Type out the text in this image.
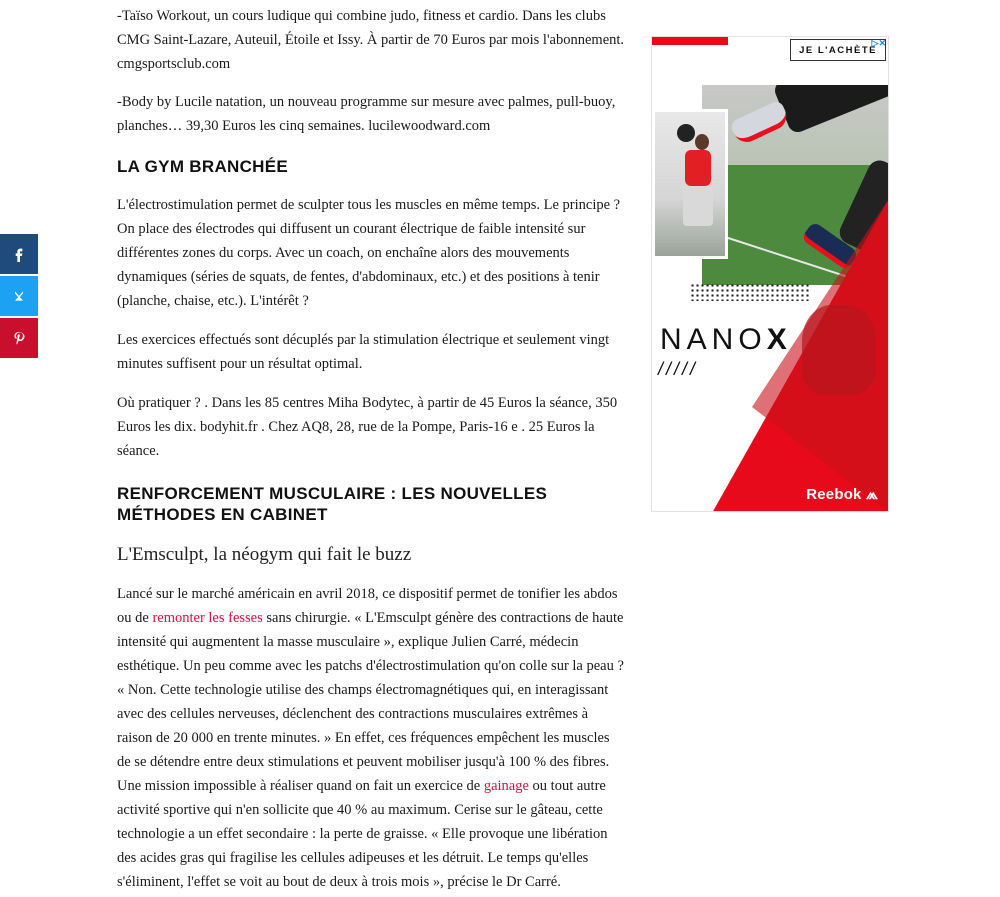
-Taïso Workout, un cours ludique qui combine judo, fitness et cardio. Dans les clubs CMG Saint-Lazare, Auteuil, Étoile et Issy. À partir de 70 Euros par mois l'abonnement. cmgsportsclub.com

-Body by Lucile natation, un nouveau programme sur mesure avec palmes, pull-buoy, planches… 39,30 Euros les cinq semaines. lucilewoodward.com

LA GYM BRANCHÉE

L'électrostimulation permet de sculpter tous les muscles en même temps. Le principe ? On place des électrodes qui diffusent un courant électrique de faible intensité sur différentes zones du corps. Avec un coach, on enchaîne alors des mouvements dynamiques (séries de squats, de fentes, d'abdominaux, etc.) et des positions à tenir (planche, chaise, etc.). L'intérêt ?

Les exercices effectués sont décuplés par la stimulation électrique et seulement vingt minutes suffisent pour un résultat optimal.

Où pratiquer ? . Dans les 85 centres Miha Bodytec, à partir de 45 Euros la séance, 350 Euros les dix. bodyhit.fr . Chez AQ8, 28, rue de la Pompe, Paris-16 e . 25 Euros la séance.

RENFORCEMENT MUSCULAIRE : LES NOUVELLES MÉTHODES EN CABINET
L'Emsculpt, la néogym qui fait le buzz

Lancé sur le marché américain en avril 2018, ce dispositif permet de tonifier les abdos ou de remonter les fesses sans chirurgie. « L'Emsculpt génère des contractions de haute intensité qui augmentent la masse musculaire », explique Julien Carré, médecin esthétique. Un peu comme avec les patchs d'électrostimulation qu'on colle sur la peau ? « Non. Cette technologie utilise des champs électromagnétiques qui, en interagissant avec des cellules nerveuses, déclenchent des contractions musculaires extrêmes à raison de 20 000 en trente minutes. » En effet, ces fréquences empêchent les muscles de se détendre entre deux stimulations et peuvent mobiliser jusqu'à 100 % des fibres. Une mission impossible à réaliser quand on fait un exercice de gainage ou tout autre activité sportive qui n'en sollicite que 40 % au maximum. Cerise sur le gâteau, cette technologie a un effet secondaire : la perte de graisse. « Elle provoque une libération des acides gras qui fragilise les cellules adipeuses et les détruit. Le temps qu'elles s'éliminent, l'effet se voit au bout de deux à trois mois », précise le Dr Carré.

NANOX
/////
JE L'ACHÈTE
▷✕
Reebok ⩕
